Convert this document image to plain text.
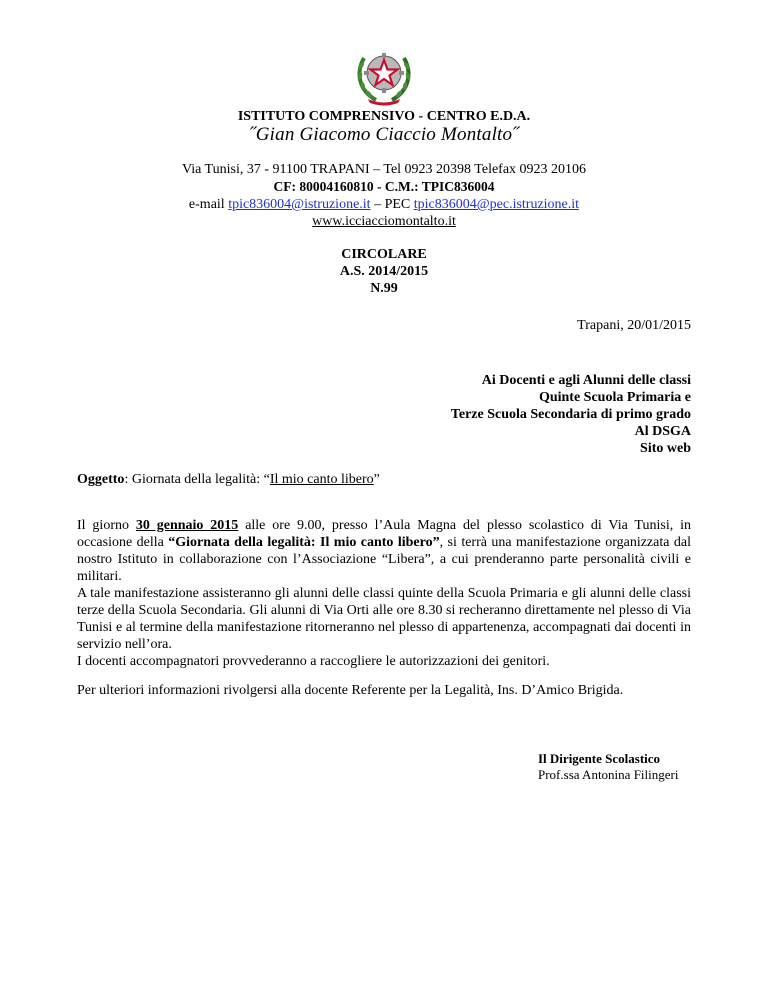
ISTITUTO COMPRENSIVO - CENTRO E.D.A.
˝Gian Giacomo Ciaccio Montalto˝
Via Tunisi, 37 - 91100 TRAPANI – Tel 0923 20398 Telefax 0923 20106
CF: 80004160810 - C.M.: TPIC836004
e-mail tpic836004@istruzione.it – PEC tpic836004@pec.istruzione.it
www.icciacciomontalto.it
CIRCOLARE
A.S. 2014/2015
N.99
Trapani, 20/01/2015
Ai Docenti e agli Alunni delle classi
Quinte Scuola Primaria e
Terze Scuola Secondaria di primo grado
Al DSGA
Sito web
Oggetto: Giornata della legalità: “Il mio canto libero”

Il giorno 30 gennaio 2015 alle ore 9.00, presso l’Aula Magna del plesso scolastico di Via Tunisi, in occasione della “Giornata della legalità: Il mio canto libero”, si terrà una manifestazione organizzata dal nostro Istituto in collaborazione con l’Associazione “Libera”, a cui prenderanno parte personalità civili e militari.

A tale manifestazione assisteranno gli alunni delle classi quinte della Scuola Primaria e gli alunni delle classi terze della Scuola Secondaria. Gli alunni di Via Orti alle ore 8.30 si recheranno direttamente nel plesso di Via Tunisi e al termine della manifestazione ritorneranno nel plesso di appartenenza, accompagnati dai docenti in servizio nell’ora.

I docenti accompagnatori provvederanno a raccogliere le autorizzazioni dei genitori.

Per ulteriori informazioni rivolgersi alla docente Referente per la Legalità, Ins. D’Amico Brigida.
Il Dirigente Scolastico
Prof.ssa Antonina Filingeri
